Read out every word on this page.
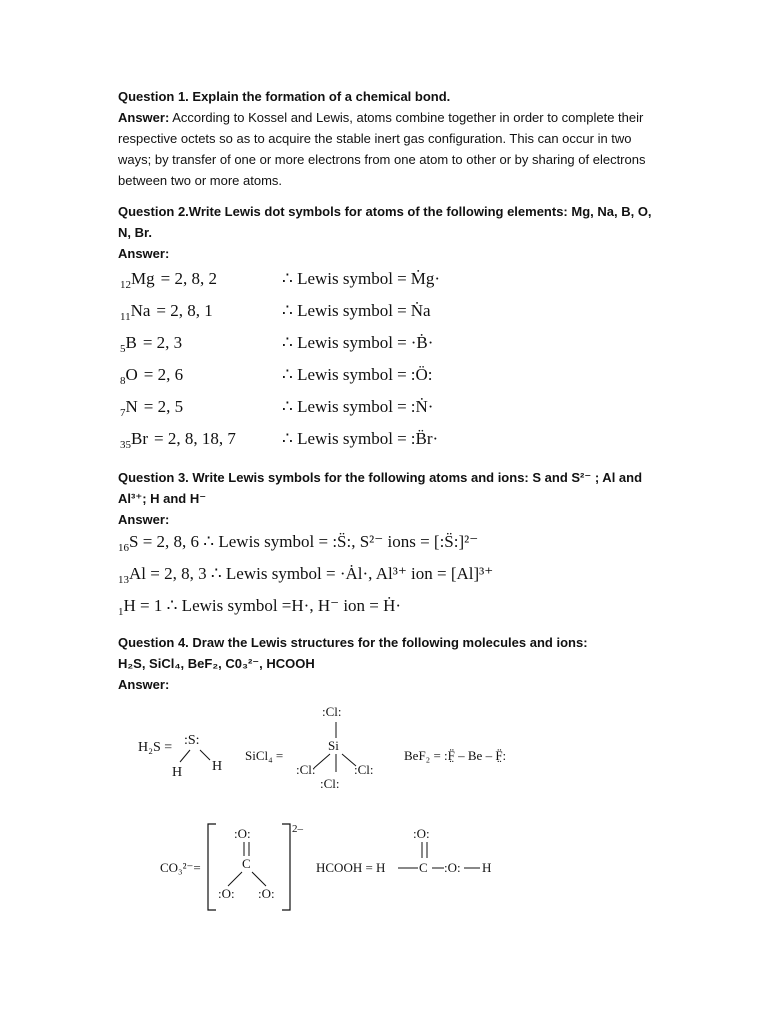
Question 1. Explain the formation of a chemical bond.
Answer: According to Kossel and Lewis, atoms combine together in order to complete their respective octets so as to acquire the stable inert gas configuration. This can occur in two ways; by transfer of one or more electrons from one atom to other or by sharing of electrons between two or more atoms.
Question 2.Write Lewis dot symbols for atoms of the following elements: Mg, Na, B, O, N, Br.
Answer:
$_{12}$Mg = 2, 8, 2	∴ Lewis symbol = Ṁg·
$_{11}$Na = 2, 8, 1	∴ Lewis symbol = Ṅa
$_5$B = 2, 3	∴ Lewis symbol = ·Ḃ·
$_8$O = 2, 6	∴ Lewis symbol = :Ö:
$_7$N = 2, 5	∴ Lewis symbol = :Ṅ·
$_{35}$Br = 2, 8, 18, 7	∴ Lewis symbol = :B̈r·
Question 3. Write Lewis symbols for the following atoms and ions: S and S²⁻ ; Al and Al³⁺; H and H⁻
Answer:
$_{16}$S = 2, 8, 6 ∴ Lewis symbol = :S̈:, S²⁻ ions = [:S̈:]²⁻
$_{13}$Al = 2, 8, 3 ∴ Lewis symbol = ·Ȧl·, Al³⁺ ion = [Al]³⁺
$_1$H = 1 ∴ Lewis symbol =H·, H⁻ ion = Ḣ·
Question 4. Draw the Lewis structures for the following molecules and ions:
H₂S, SiCl₄, BeF₂, C0₃²⁻, HCOOH
Answer:
H₂S = :S:
H H
SiCl₄ =
:Cl:
Si
:Cl:	:Cl:
:Cl:
BeF₂ = :F̤̈ – Be – F̤̈:
CO₃²⁻=
2–
:O:
C
:O: :O:
HCOOH = H	C
:O:
:O: H
